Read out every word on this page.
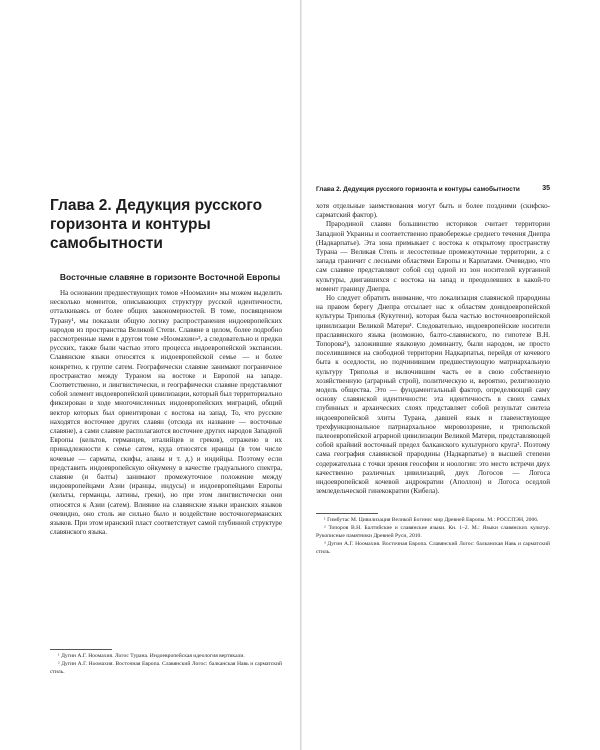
Глава 2. Дедукция русского горизонта и контуры самобытности
Восточные славяне в горизонте Восточной Европы

На основании предшествующих томов «Ноомахии» мы можем выделить несколько моментов, описывающих структуру русской идентичности, отталкиваясь от более общих закономерностей. В томе, посвященном Турану¹, мы показали общую логику распространения индоевропейских народов из пространства Великой Степи. Славяне в целом, более подробно рассмотренные нами в другом томе «Ноомахии»², а следовательно и предки русских, также были частью этого процесса индоевропейской экспансии. Славянские языки относятся к индоевропейской семье — и более конкретно, к группе сатем. Географически славяне занимают пограничное пространство между Тураном на востоке и Европой на западе. Соответственно, и лингвистически, и географически славяне представляют собой элемент индоевропейской цивилизации, который был территориально фиксирован в ходе многочисленных индоевропейских миграций, общий вектор которых был ориентирован с востока на запад. То, что русские находятся восточнее других славян (отсюда их название — восточные славяне), а сами славяне располагаются восточнее других народов Западной Европы (кельтов, германцев, италийцев и греков), отражено в их принадлежности к семье сатем, куда относятся иранцы (в том числе кочевые — сарматы, скифы, аланы и т. д.) и индийцы. Поэтому если представить индоевропейскую ойкумену в качестве градуального спектра, славяне (и балты) занимают промежуточное положение между индоевропейцами Азии (иранцы, индусы) и индоевропейцами Европы (кельты, германцы, латины, греки), но при этом лингвистически они относятся к Азии (сатем). Влияние на славянские языки иранских языков очевидно, оно столь же сильно было и воздействие восточногерманских языков. При этом иранский пласт соответствует самой глубинной структуре славянского языка.

¹ Дугин А.Г. Ноомахия. Логос Турана. Индоевропейская идеология вертикали.

² Дугин А.Г. Ноомахия. Восточная Европа. Славянский Логос: балканская Навь и сарматский стиль.

Глава 2. Дедукция русского горизонта и контуры самобытности	35

хотя отдельные заимствования могут быть и более поздними (скифско-сарматский фактор).

Прародиной славян большинство историков считает территории Западной Украины и соответственно правобережье среднего течения Днепра (Надкарпатье). Эта зона примыкает с востока к открытому пространству Турана — Великая Степь и лесостепные промежуточные территории, а с запада граничит с лесными областями Европы и Карпатами. Очевидно, что сам славяне представляют собой сед одной из зон носителей курганной культуры, двигавшихся с востока на запад и преодолевших в какой-то момент границу Днепра.

Но следует обратить внимание, что локализация славянской прародины на правом берегу Днепра отсылает нас к областям доиндоевропейской культуры Триполья (Кукутени), которая была частью восточноевропейской цивилизации Великой Матери¹. Следовательно, индоевропейские носители праславянского языка (возможно, балто-славянского, по гипотезе В.Н. Топорова²), заложившие языковую доминанту, были народом, не просто поселившимся на свободной территории Надкарпатья, перейдя от кочевого быта к оседлости, но подчинившим предшествующую матриархальную культуру Триполья и включившим часть ее в свою собственную хозяйственную (аграрный строй), политическую и, вероятно, религиозную модель общества. Это — фундаментальный фактор, определяющий саму основу славянской идентичности: эта идентичность в своих самых глубинных и архаических слоях представляет собой результат синтеза индоевропейской элиты Турана, давшей язык и главенствующее трехфункциональное патриархальное мировоззрение, и трипольской палеоевропейской аграрной цивилизации Великой Матери, представляющей собой крайний восточный предел балканского культурного круга³. Поэтому сама география славянской прародины (Надкарпатье) в высшей степени содержательна с точки зрения геософии и ноологии: это место встречи двух качественно различных цивилизаций, двух Логосов — Логоса индоевропейской кочевой андрократии (Аполлон) и Логоса оседлой земледельческой гинекократии (Кибела).

¹ Гимбутас М. Цивилизация Великой Богини: мир Древней Европы. М.: РОССПЭН, 2006.

² Топоров В.Н. Балтийские и славянские языки. Кн. 1–2. М.: Языки славянских культур. Рукописные памятники Древней Руси, 2010.

³ Дугин А.Г. Ноомахия. Восточная Европа. Славянский Логос: балканская Навь и сарматский стиль.
